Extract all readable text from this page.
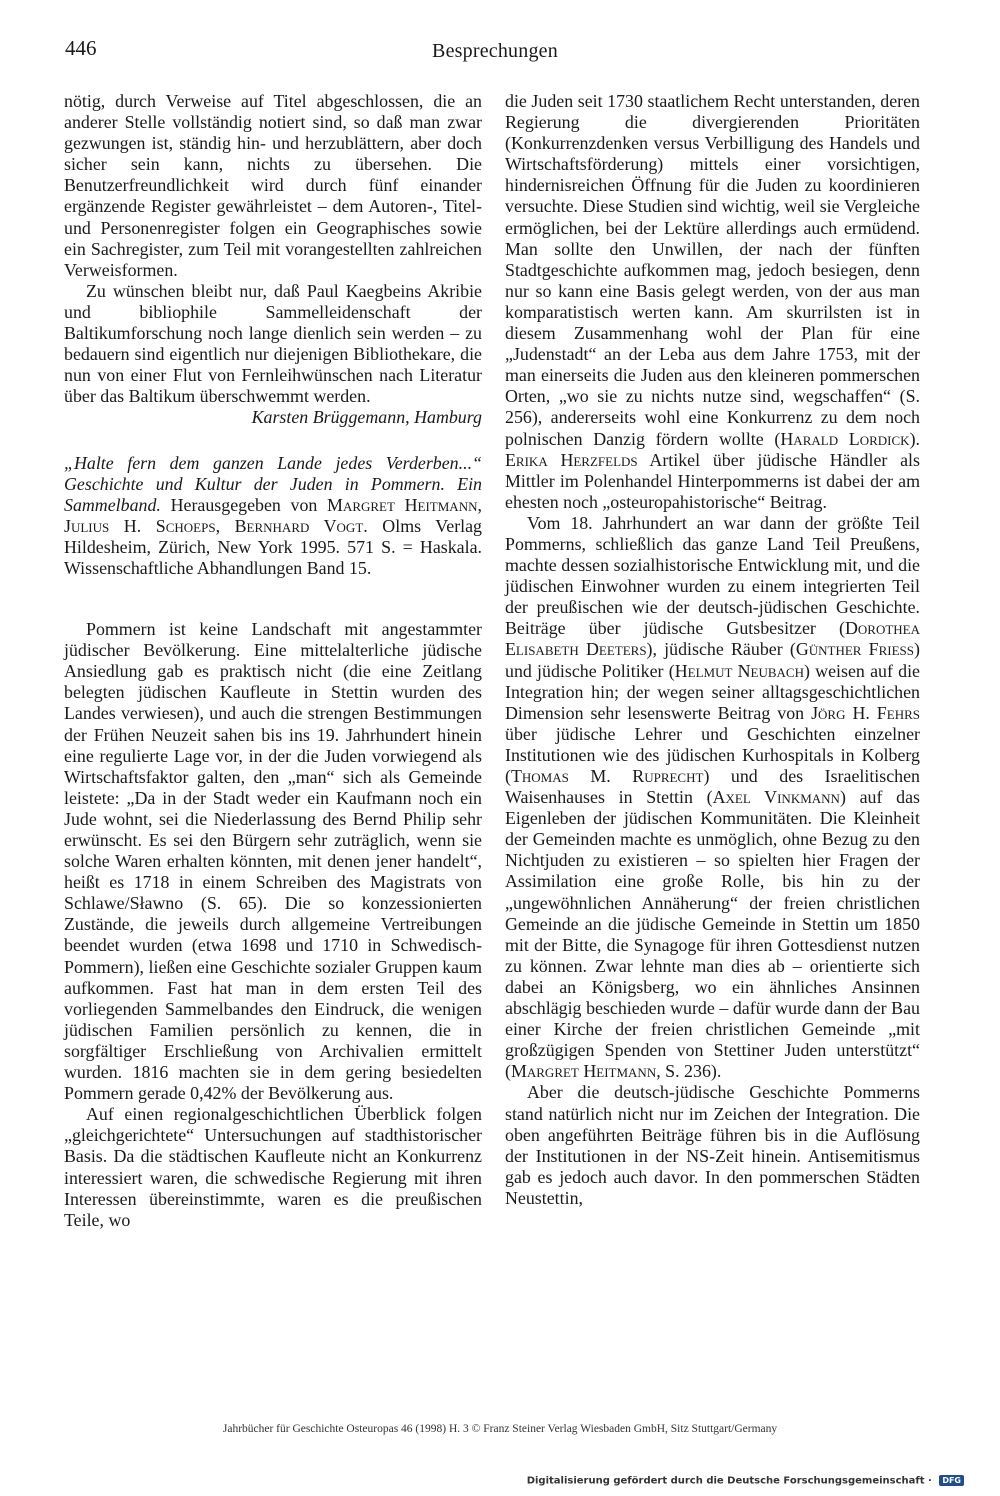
446	Besprechungen

nötig, durch Verweise auf Titel abgeschlossen, die an anderer Stelle vollständig notiert sind, so daß man zwar gezwungen ist, ständig hin- und herzublättern, aber doch sicher sein kann, nichts zu übersehen. Die Benutzerfreundlichkeit wird durch fünf einander ergänzende Register gewährleistet – dem Autoren-, Titel- und Personenregister folgen ein Geographisches sowie ein Sachregister, zum Teil mit vorangestellten zahlreichen Verweisformen.

Zu wünschen bleibt nur, daß Paul Kaegbeins Akribie und bibliophile Sammelleidenschaft der Baltikumforschung noch lange dienlich sein werden – zu bedauern sind eigentlich nur diejenigen Bibliothekare, die nun von einer Flut von Fernleihwünschen nach Literatur über das Baltikum überschwemmt werden.

Karsten Brüggemann, Hamburg

„Halte fern dem ganzen Lande jedes Verderben...“ Geschichte und Kultur der Juden in Pommern. Ein Sammelband. Herausgegeben von Margret Heitmann, Julius H. Schoeps, Bernhard Vogt. Olms Verlag Hildesheim, Zürich, New York 1995. 571 S. = Haskala. Wissenschaftliche Abhandlungen Band 15.

Pommern ist keine Landschaft mit angestammter jüdischer Bevölkerung. Eine mittelalterliche jüdische Ansiedlung gab es praktisch nicht (die eine Zeitlang belegten jüdischen Kaufleute in Stettin wurden des Landes verwiesen), und auch die strengen Bestimmungen der Frühen Neuzeit sahen bis ins 19. Jahrhundert hinein eine regulierte Lage vor, in der die Juden vorwiegend als Wirtschaftsfaktor galten, den „man“ sich als Gemeinde leistete: „Da in der Stadt weder ein Kaufmann noch ein Jude wohnt, sei die Niederlassung des Bernd Philip sehr erwünscht. Es sei den Bürgern sehr zuträglich, wenn sie solche Waren erhalten könnten, mit denen jener handelt“, heißt es 1718 in einem Schreiben des Magistrats von Schlawe/Sławno (S. 65). Die so konzessionierten Zustände, die jeweils durch allgemeine Vertreibungen beendet wurden (etwa 1698 und 1710 in Schwedisch-Pommern), ließen eine Geschichte sozialer Gruppen kaum aufkommen. Fast hat man in dem ersten Teil des vorliegenden Sammelbandes den Eindruck, die wenigen jüdischen Familien persönlich zu kennen, die in sorgfältiger Erschließung von Archivalien ermittelt wurden. 1816 machten sie in dem gering besiedelten Pommern gerade 0,42% der Bevölkerung aus.

Auf einen regionalgeschichtlichen Überblick folgen „gleichgerichtete“ Untersuchungen auf stadthistorischer Basis. Da die städtischen Kaufleute nicht an Konkurrenz interessiert waren, die schwedische Regierung mit ihren Interessen übereinstimmte, waren es die preußischen Teile, wo

die Juden seit 1730 staatlichem Recht unterstanden, deren Regierung die divergierenden Prioritäten (Konkurrenzdenken versus Verbilligung des Handels und Wirtschaftsförderung) mittels einer vorsichtigen, hindernisreichen Öffnung für die Juden zu koordinieren versuchte. Diese Studien sind wichtig, weil sie Vergleiche ermöglichen, bei der Lektüre allerdings auch ermüdend. Man sollte den Unwillen, der nach der fünften Stadtgeschichte aufkommen mag, jedoch besiegen, denn nur so kann eine Basis gelegt werden, von der aus man komparatistisch werten kann. Am skurrilsten ist in diesem Zusammenhang wohl der Plan für eine „Judenstadt“ an der Leba aus dem Jahre 1753, mit der man einerseits die Juden aus den kleineren pommerschen Orten, „wo sie zu nichts nutze sind, wegschaffen“ (S. 256), andererseits wohl eine Konkurrenz zu dem noch polnischen Danzig fördern wollte (Harald Lordick). Erika Herzfelds Artikel über jüdische Händler als Mittler im Polenhandel Hinterpommerns ist dabei der am ehesten noch „osteuropahistorische“ Beitrag.

Vom 18. Jahrhundert an war dann der größte Teil Pommerns, schließlich das ganze Land Teil Preußens, machte dessen sozialhistorische Entwicklung mit, und die jüdischen Einwohner wurden zu einem integrierten Teil der preußischen wie der deutsch-jüdischen Geschichte. Beiträge über jüdische Gutsbesitzer (Dorothea Elisabeth Deeters), jüdische Räuber (Günther Frieß) und jüdische Politiker (Helmut Neubach) weisen auf die Integration hin; der wegen seiner alltagsgeschichtlichen Dimension sehr lesenswerte Beitrag von Jörg H. Fehrs über jüdische Lehrer und Geschichten einzelner Institutionen wie des jüdischen Kurhospitals in Kolberg (Thomas M. Ruprecht) und des Israelitischen Waisenhauses in Stettin (Axel Vinkmann) auf das Eigenleben der jüdischen Kommunitäten. Die Kleinheit der Gemeinden machte es unmöglich, ohne Bezug zu den Nichtjuden zu existieren – so spielten hier Fragen der Assimilation eine große Rolle, bis hin zu der „ungewöhnlichen Annäherung“ der freien christlichen Gemeinde an die jüdische Gemeinde in Stettin um 1850 mit der Bitte, die Synagoge für ihren Gottesdienst nutzen zu können. Zwar lehnte man dies ab – orientierte sich dabei an Königsberg, wo ein ähnliches Ansinnen abschlägig beschieden wurde – dafür wurde dann der Bau einer Kirche der freien christlichen Gemeinde „mit großzügigen Spenden von Stettiner Juden unterstützt“ (Margret Heitmann, S. 236).

Aber die deutsch-jüdische Geschichte Pommerns stand natürlich nicht nur im Zeichen der Integration. Die oben angeführten Beiträge führen bis in die Auflösung der Institutionen in der NS-Zeit hinein. Antisemitismus gab es jedoch auch davor. In den pommerschen Städten Neustettin,

Jahrbücher für Geschichte Osteuropas 46 (1998) H. 3 © Franz Steiner Verlag Wiesbaden GmbH, Sitz Stuttgart/Germany
Digitalisierung gefördert durch die Deutsche Forschungsgemeinschaft · DFG
